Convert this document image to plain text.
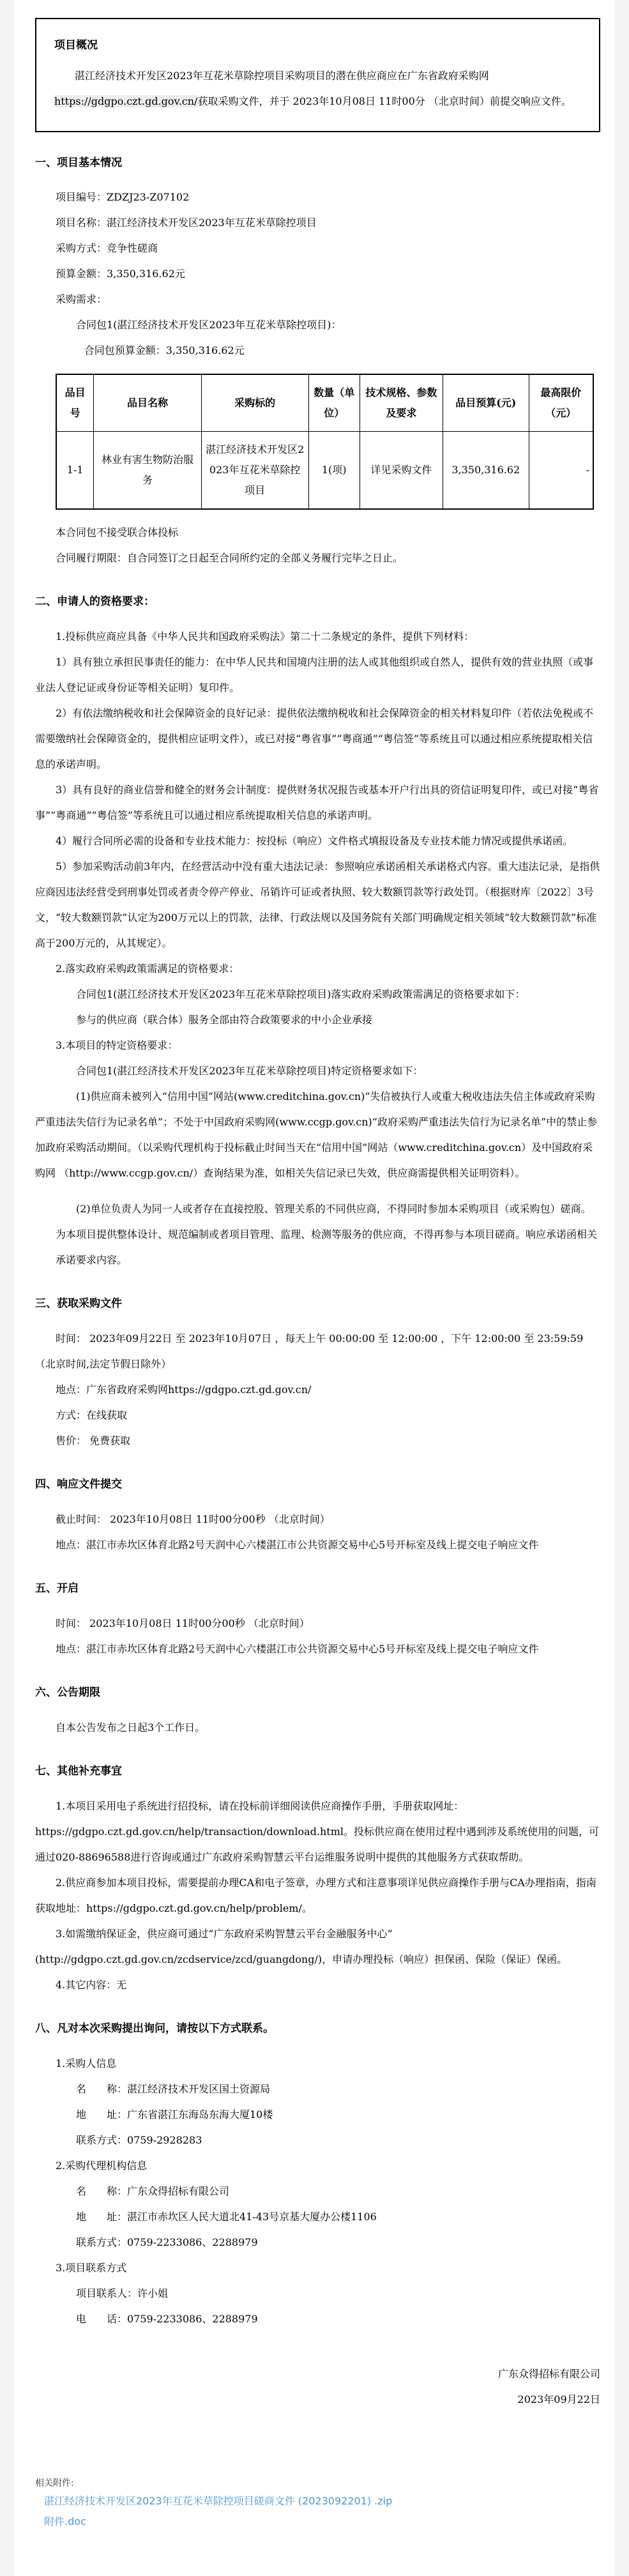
项目概况

湛江经济技术开发区2023年互花米草除控项目采购项目的潜在供应商应在广东省政府采购网https://gdgpo.czt.gd.gov.cn/获取采购文件，并于 2023年10月08日 11时00分 （北京时间）前提交响应文件。

一、项目基本情况

项目编号：ZDZJ23-Z07102

项目名称：湛江经济技术开发区2023年互花米草除控项目

采购方式：竞争性磋商

预算金额：3,350,316.62元

采购需求：

合同包1(湛江经济技术开发区2023年互花米草除控项目)：

合同包预算金额：3,350,316.62元

品目号	品目名称	采购标的	数量（单位）	技术规格、参数及要求	品目预算(元)	最高限价（元）
1-1	林业有害生物防治服务	湛江经济技术开发区2023年互花米草除控项目	1(项)	详见采购文件	3,350,316.62	-

本合同包不接受联合体投标

合同履行期限：自合同签订之日起至合同所约定的全部义务履行完毕之日止。

二、申请人的资格要求：

1.投标供应商应具备《中华人民共和国政府采购法》第二十二条规定的条件，提供下列材料：

1）具有独立承担民事责任的能力：在中华人民共和国境内注册的法人或其他组织或自然人，提供有效的营业执照（或事业法人登记证或身份证等相关证明）复印件。

2）有依法缴纳税收和社会保障资金的良好记录：提供依法缴纳税收和社会保障资金的相关材料复印件（若依法免税或不需要缴纳社会保障资金的，提供相应证明文件），或已对接“粤省事”“粤商通”“粤信签”等系统且可以通过相应系统提取相关信息的承诺声明。

3）具有良好的商业信誉和健全的财务会计制度：提供财务状况报告或基本开户行出具的资信证明复印件，或已对接“粤省事”“粤商通”“粤信签”等系统且可以通过相应系统提取相关信息的承诺声明。

4）履行合同所必需的设备和专业技术能力：按投标（响应）文件格式填报设备及专业技术能力情况或提供承诺函。

5）参加采购活动前3年内，在经营活动中没有重大违法记录：参照响应承诺函相关承诺格式内容。重大违法记录，是指供应商因违法经营受到刑事处罚或者责令停产停业、吊销许可证或者执照、较大数额罚款等行政处罚。（根据财库〔2022〕3号文，“较大数额罚款”认定为200万元以上的罚款，法律、行政法规以及国务院有关部门明确规定相关领域“较大数额罚款”标准高于200万元的，从其规定）。

2.落实政府采购政策需满足的资格要求：

合同包1(湛江经济技术开发区2023年互花米草除控项目)落实政府采购政策需满足的资格要求如下：

参与的供应商（联合体）服务全部由符合政策要求的中小企业承接

3.本项目的特定资格要求：

合同包1(湛江经济技术开发区2023年互花米草除控项目)特定资格要求如下：

(1)供应商未被列入“信用中国”网站(www.creditchina.gov.cn)“失信被执行人或重大税收违法失信主体或政府采购严重违法失信行为记录名单”；不处于中国政府采购网(www.ccgp.gov.cn)“政府采购严重违法失信行为记录名单”中的禁止参加政府采购活动期间。（以采购代理机构于投标截止时间当天在“信用中国”网站（www.creditchina.gov.cn）及中国政府采购网 （http://www.ccgp.gov.cn/）查询结果为准，如相关失信记录已失效，供应商需提供相关证明资料）。

(2)单位负责人为同一人或者存在直接控股、管理关系的不同供应商，不得同时参加本采购项目（或采购包）磋商。为本项目提供整体设计、规范编制或者项目管理、监理、检测等服务的供应商，不得再参与本项目磋商。响应承诺函相关承诺要求内容。

三、获取采购文件

时间： 2023年09月22日 至 2023年10月07日 ，每天上午 00:00:00 至 12:00:00 ，下午 12:00:00 至 23:59:59 （北京时间,法定节假日除外）

地点：广东省政府采购网https://gdgpo.czt.gd.gov.cn/

方式：在线获取

售价： 免费获取

四、响应文件提交

截止时间： 2023年10月08日 11时00分00秒 （北京时间）

地点：湛江市赤坎区体育北路2号天润中心六楼湛江市公共资源交易中心5号开标室及线上提交电子响应文件

五、开启

时间： 2023年10月08日 11时00分00秒 （北京时间）

地点：湛江市赤坎区体育北路2号天润中心六楼湛江市公共资源交易中心5号开标室及线上提交电子响应文件

六、公告期限

自本公告发布之日起3个工作日。

七、其他补充事宜

1.本项目采用电子系统进行招投标，请在投标前详细阅读供应商操作手册，手册获取网址：https://gdgpo.czt.gd.gov.cn/help/transaction/download.html。投标供应商在使用过程中遇到涉及系统使用的问题，可通过020-88696588进行咨询或通过广东政府采购智慧云平台运维服务说明中提供的其他服务方式获取帮助。

2.供应商参加本项目投标，需要提前办理CA和电子签章，办理方式和注意事项详见供应商操作手册与CA办理指南，指南获取地址：https://gdgpo.czt.gd.gov.cn/help/problem/。

3.如需缴纳保证金，供应商可通过“广东政府采购智慧云平台金融服务中心”(http://gdgpo.czt.gd.gov.cn/zcdservice/zcd/guangdong/)，申请办理投标（响应）担保函、保险（保证）保函。

4.其它内容：无

八、凡对本次采购提出询问，请按以下方式联系。

1.采购人信息

名　　称：湛江经济技术开发区国土资源局

地　　址：广东省湛江东海岛东海大厦10楼

联系方式：0759-2928283

2.采购代理机构信息

名　　称：广东众得招标有限公司

地　　址：湛江市赤坎区人民大道北41-43号京基大厦办公楼1106

联系方式：0759-2233086、2288979

3.项目联系方式

项目联系人：许小姐

电　　话：0759-2233086、2288979

广东众得招标有限公司

2023年09月22日

相关附件:
湛江经济技术开发区2023年互花米草除控项目磋商文件 (2023092201) .zip
附件.doc
